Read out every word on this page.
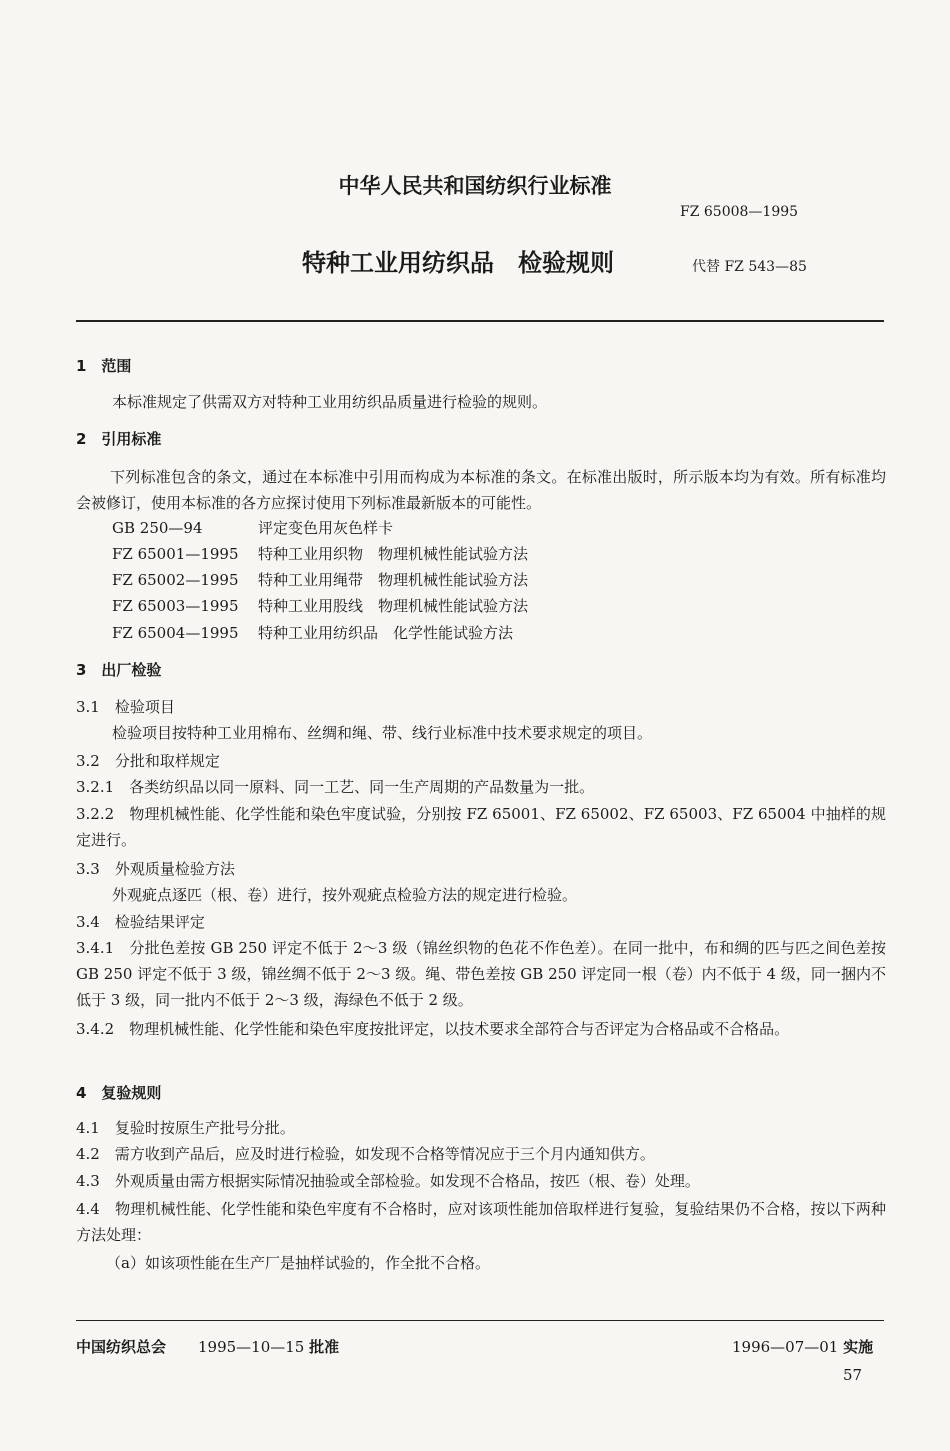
中华人民共和国纺织行业标准
FZ 65008—1995
特种工业用纺织品　检验规则	代替 FZ 543—85
1　范围
本标准规定了供需双方对特种工业用纺织品质量进行检验的规则。
2　引用标准
下列标准包含的条文，通过在本标准中引用而构成为本标准的条文。在标准出版时，所示版本均为有效。所有标准均会被修订，使用本标准的各方应探讨使用下列标准最新版本的可能性。
GB 250—94	评定变色用灰色样卡
FZ 65001—1995 特种工业用织物　物理机械性能试验方法
FZ 65002—1995 特种工业用绳带　物理机械性能试验方法
FZ 65003—1995 特种工业用股线　物理机械性能试验方法
FZ 65004—1995 特种工业用纺织品　化学性能试验方法
3　出厂检验
3.1　检验项目
检验项目按特种工业用棉布、丝绸和绳、带、线行业标准中技术要求规定的项目。
3.2　分批和取样规定
3.2.1　各类纺织品以同一原料、同一工艺、同一生产周期的产品数量为一批。
3.2.2　物理机械性能、化学性能和染色牢度试验，分别按 FZ 65001、FZ 65002、FZ 65003、FZ 65004 中抽样的规定进行。
3.3　外观质量检验方法
外观疵点逐匹（根、卷）进行，按外观疵点检验方法的规定进行检验。
3.4　检验结果评定
3.4.1　分批色差按 GB 250 评定不低于 2～3 级（锦丝织物的色花不作色差）。在同一批中，布和绸的匹与匹之间色差按 GB 250 评定不低于 3 级，锦丝绸不低于 2～3 级。绳、带色差按 GB 250 评定同一根（卷）内不低于 4 级，同一捆内不低于 3 级，同一批内不低于 2～3 级，海绿色不低于 2 级。
3.4.2　物理机械性能、化学性能和染色牢度按批评定，以技术要求全部符合与否评定为合格品或不合格品。
4　复验规则
4.1　复验时按原生产批号分批。
4.2　需方收到产品后，应及时进行检验，如发现不合格等情况应于三个月内通知供方。
4.3　外观质量由需方根据实际情况抽验或全部检验。如发现不合格品，按匹（根、卷）处理。
4.4　物理机械性能、化学性能和染色牢度有不合格时，应对该项性能加倍取样进行复验，复验结果仍不合格，按以下两种方法处理：
（a）如该项性能在生产厂是抽样试验的，作全批不合格。
中国纺织总会 1995—10—15 批准	1996—07—01 实施
57
